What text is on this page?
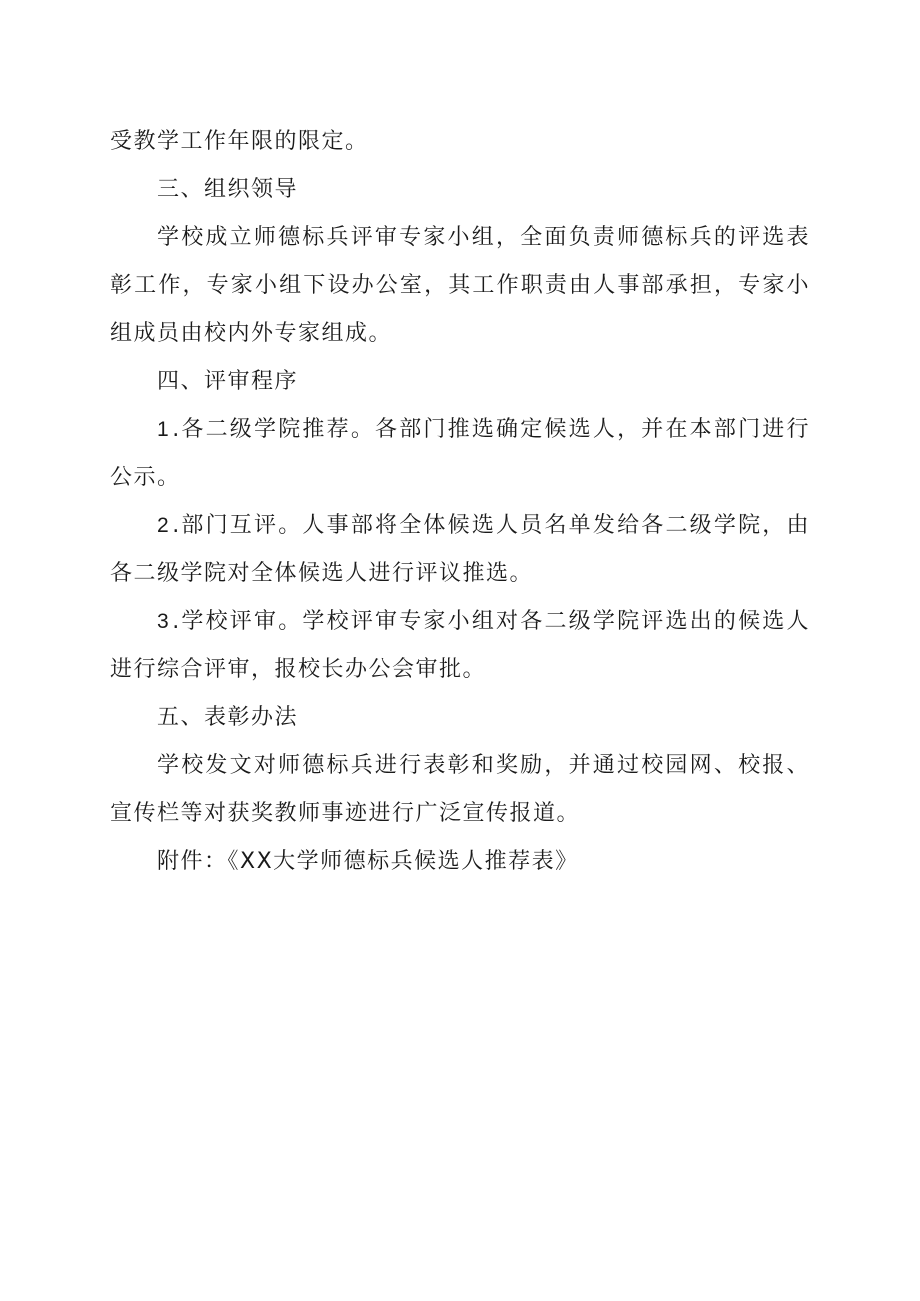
受教学工作年限的限定。

三、组织领导

学校成立师德标兵评审专家小组，全面负责师德标兵的评选表彰工作，专家小组下设办公室，其工作职责由人事部承担，专家小组成员由校内外专家组成。

四、评审程序

1.各二级学院推荐。各部门推选确定候选人，并在本部门进行公示。

2.部门互评。人事部将全体候选人员名单发给各二级学院，由各二级学院对全体候选人进行评议推选。

3.学校评审。学校评审专家小组对各二级学院评选出的候选人进行综合评审，报校长办公会审批。

五、表彰办法

学校发文对师德标兵进行表彰和奖励，并通过校园网、校报、宣传栏等对获奖教师事迹进行广泛宣传报道。

附件：《XX大学师德标兵候选人推荐表》
